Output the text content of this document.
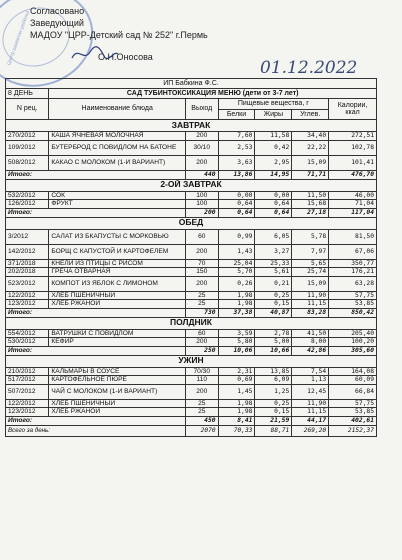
Центр развития ребёнка
Согласовано
Заведующий
МАДОУ "ЦРР-Детский сад № 252" г.Пермь
О.Н.Оносова
01.12.2022
ИП Бабкина Ф.С.						
8 ДЕНЬ	САД ТУБИНТОКСИКАЦИЯ МЕНЮ (дети от 3-7 лет)					
N рец.	Наименование блюда	Выход	Пищевые вещества, г			Калории, ккал
			Белки	Жиры	Углев.	
ЗАВТРАК						
270/2012	КАША ЯЧНЕВАЯ МОЛОЧНАЯ	200	7,60	11,58	34,40	272,51
109/2012	БУТЕРБРОД С ПОВИДЛОМ НА БАТОНЕ	30/10	2,53	0,42	22,22	102,78
508/2012	КАКАО С МОЛОКОМ (1-И ВАРИАНТ)	200	3,63	2,95	15,09	101,41
Итого:		440	13,86	14,95	71,71	476,70
2-ОЙ ЗАВТРАК						
532/2012	СОК	100	0,00	0,00	11,50	46,00
126/2012	ФРУКТ	100	0,64	0,64	15,68	71,04
Итого:		200	0,64	0,64	27,18	117,04
ОБЕД						
3/2012	САЛАТ ИЗ БКАПУСТЫ С МОРКОВЬЮ	60	0,99	6,05	5,78	81,50
142/2012	БОРЩ С КАПУСТОЙ И КАРТОФЕЛЕМ	200	1,43	3,27	7,97	67,06
371/2018	КНЕЛИ ИЗ ПТИЦЫ С РИСОМ	70	25,04	25,33	5,65	350,77
202/2018	ГРЕЧА ОТВАРНАЯ	150	5,70	5,61	25,74	176,21
523/2012	КОМПОТ ИЗ ЯБЛОК С ЛИМОНОМ	200	0,26	0,21	15,09	63,28
122/2012	ХЛЕБ ПШЕНИЧНЫЙ	25	1,98	0,25	11,90	57,75
123/2012	ХЛЕБ РЖАНОЙ	25	1,98	0,15	11,15	53,85
Итого:		730	37,38	40,87	83,28	850,42
ПОЛДНИК						
554/2012	ВАТРУШКИ С ПОВИДЛОМ	60	3,59	2,78	41,50	205,40
530/2012	КЕФИР	200	5,80	5,00	8,00	100,20
Итого:		250	10,06	10,66	42,86	305,60
УЖИН						
210/2012	КАЛЬМАРЫ В СОУСЕ	70/30	2,31	13,85	7,54	164,08
517/2012	КАРТОФЕЛЬНОЕ ПЮРЕ	110	0,69	6,09	1,13	60,09
507/2012	ЧАЙ С МОЛОКОМ (1-И ВАРИАНТ)	200	1,45	1,25	12,45	66,84
122/2012	ХЛЕБ ПШЕНИЧНЫЙ	25	1,98	0,25	11,90	57,75
123/2012	ХЛЕБ РЖАНОЙ	25	1,98	0,15	11,15	53,85
Итого:		450	8,41	21,59	44,17	402,61
Всего за день:		2070	70,33	88,71	269,20	2152,37
